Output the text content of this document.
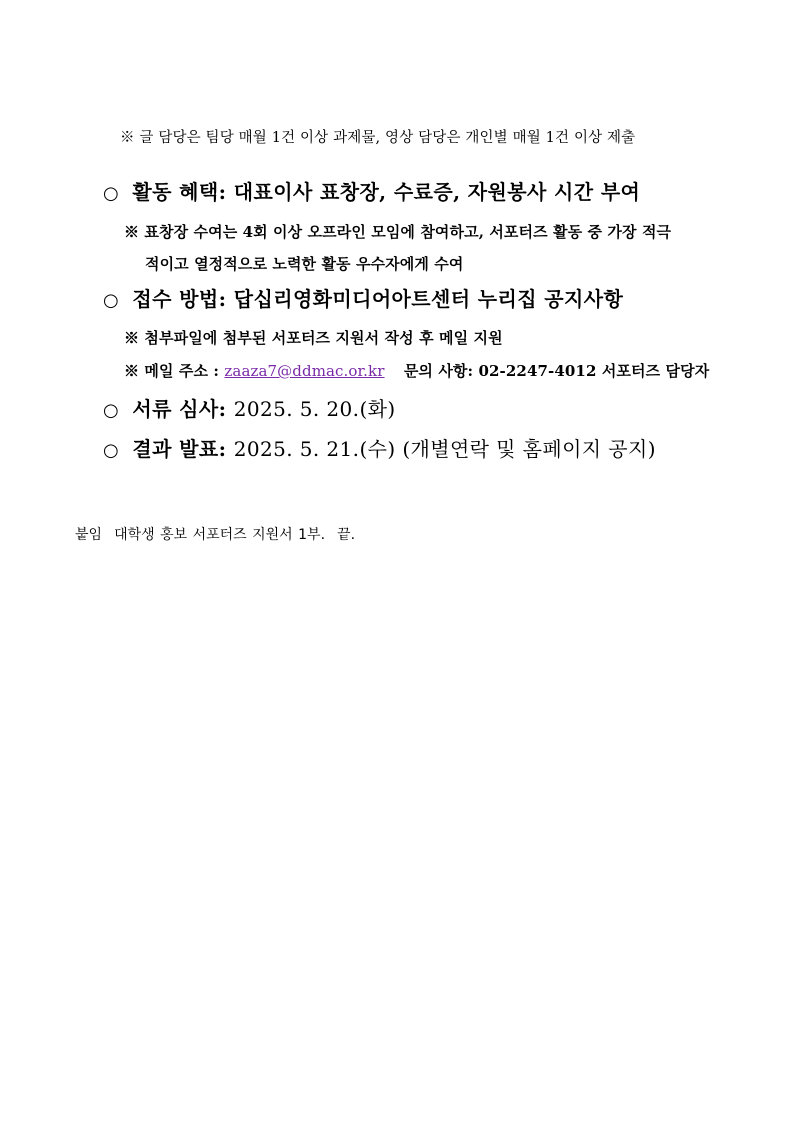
※ 글 담당은 팀당 매월 1건 이상 과제물, 영상 담당은 개인별 매월 1건 이상 제출
○ 활동 혜택: 대표이사 표창장, 수료증, 자원봉사 시간 부여
※ 표창장 수여는 4회 이상 오프라인 모임에 참여하고, 서포터즈 활동 중 가장 적극
적이고 열정적으로 노력한 활동 우수자에게 수여
○ 접수 방법: 답십리영화미디어아트센터 누리집 공지사항
※ 첨부파일에 첨부된 서포터즈 지원서 작성 후 메일 지원
※ 메일 주소 : zaaza7@ddmac.or.kr 문의 사항: 02-2247-4012 서포터즈 담당자
○ 서류 심사: 2025. 5. 20.(화)
○ 결과 발표: 2025. 5. 21.(수) (개별연락 및 홈페이지 공지)
붙임 대학생 홍보 서포터즈 지원서 1부. 끝.
